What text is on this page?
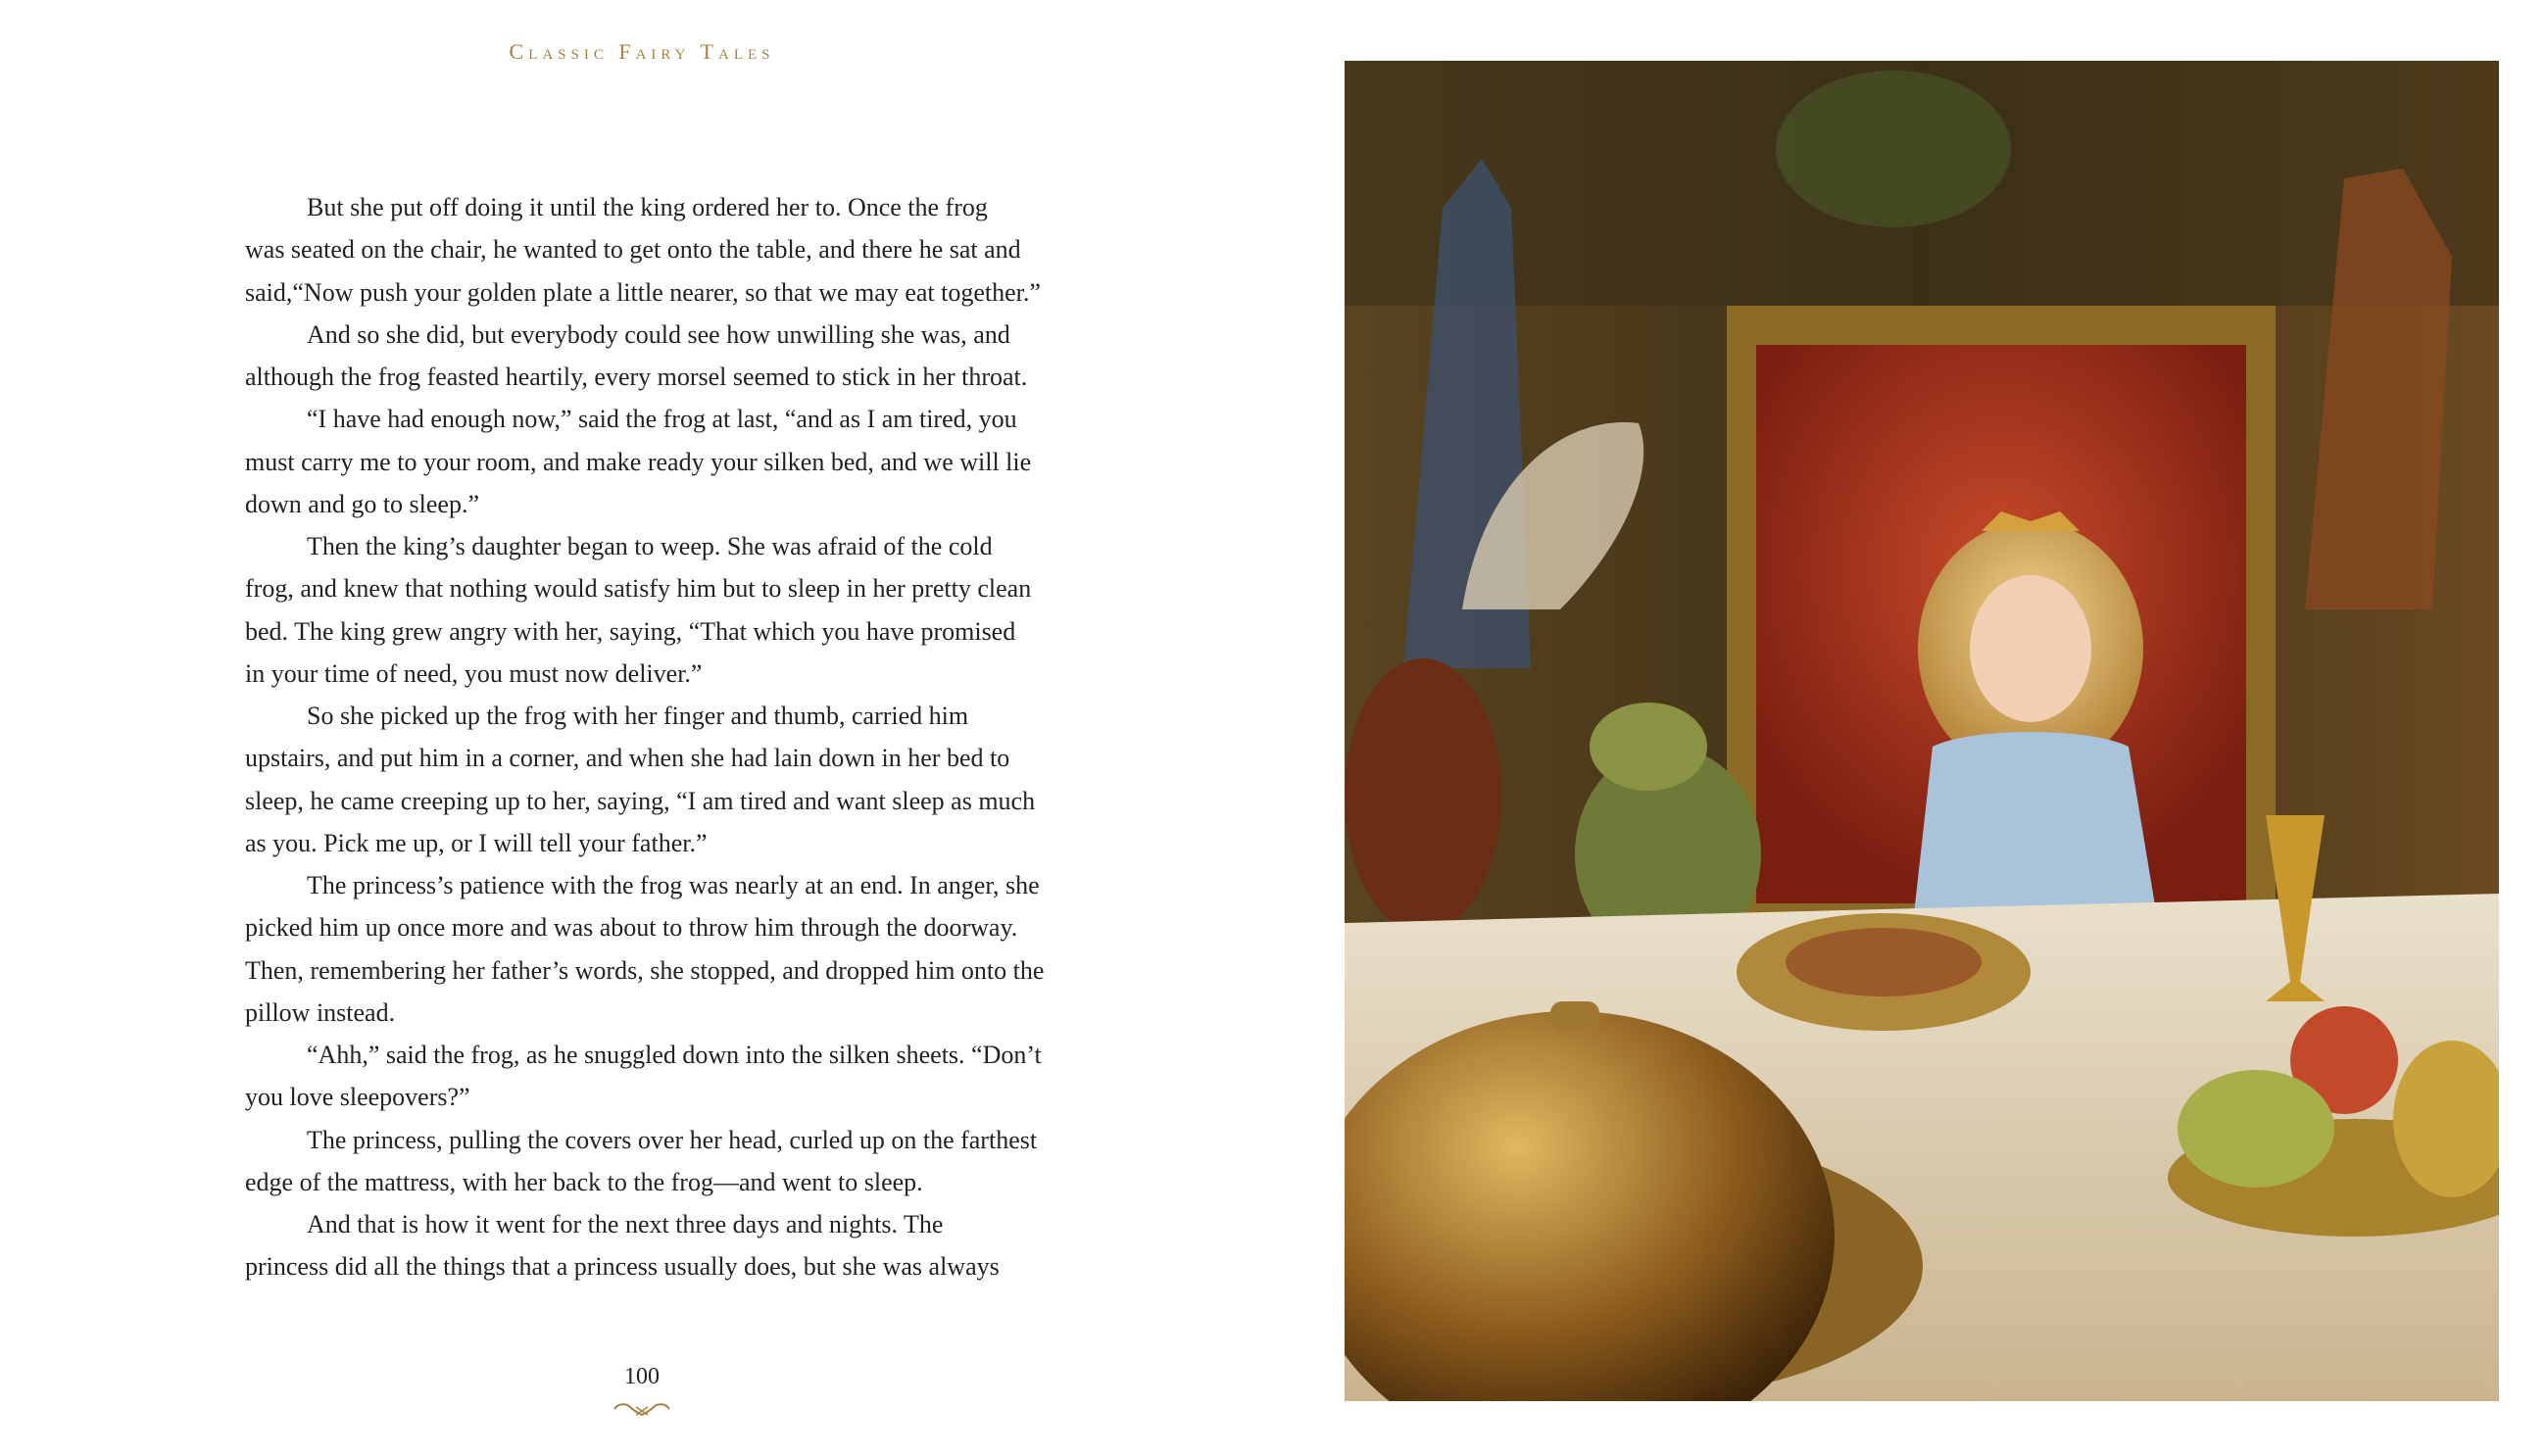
Classic Fairy Tales
But she put off doing it until the king ordered her to. Once the frog
was seated on the chair, he wanted to get onto the table, and there he sat and
said,“Now push your golden plate a little nearer, so that we may eat together.”
And so she did, but everybody could see how unwilling she was, and
although the frog feasted heartily, every morsel seemed to stick in her throat.
“I have had enough now,” said the frog at last, “and as I am tired, you
must carry me to your room, and make ready your silken bed, and we will lie
down and go to sleep.”
Then the king’s daughter began to weep. She was afraid of the cold
frog, and knew that nothing would satisfy him but to sleep in her pretty clean
bed. The king grew angry with her, saying, “That which you have promised
in your time of need, you must now deliver.”
So she picked up the frog with her finger and thumb, carried him
upstairs, and put him in a corner, and when she had lain down in her bed to
sleep, he came creeping up to her, saying, “I am tired and want sleep as much
as you. Pick me up, or I will tell your father.”
The princess’s patience with the frog was nearly at an end. In anger, she
picked him up once more and was about to throw him through the doorway.
Then, remembering her father’s words, she stopped, and dropped him onto the
pillow instead.
“Ahh,” said the frog, as he snuggled down into the silken sheets. “Don’t
you love sleepovers?”
The princess, pulling the covers over her head, curled up on the farthest
edge of the mattress, with her back to the frog—and went to sleep.
And that is how it went for the next three days and nights. The
princess did all the things that a princess usually does, but she was always
100
